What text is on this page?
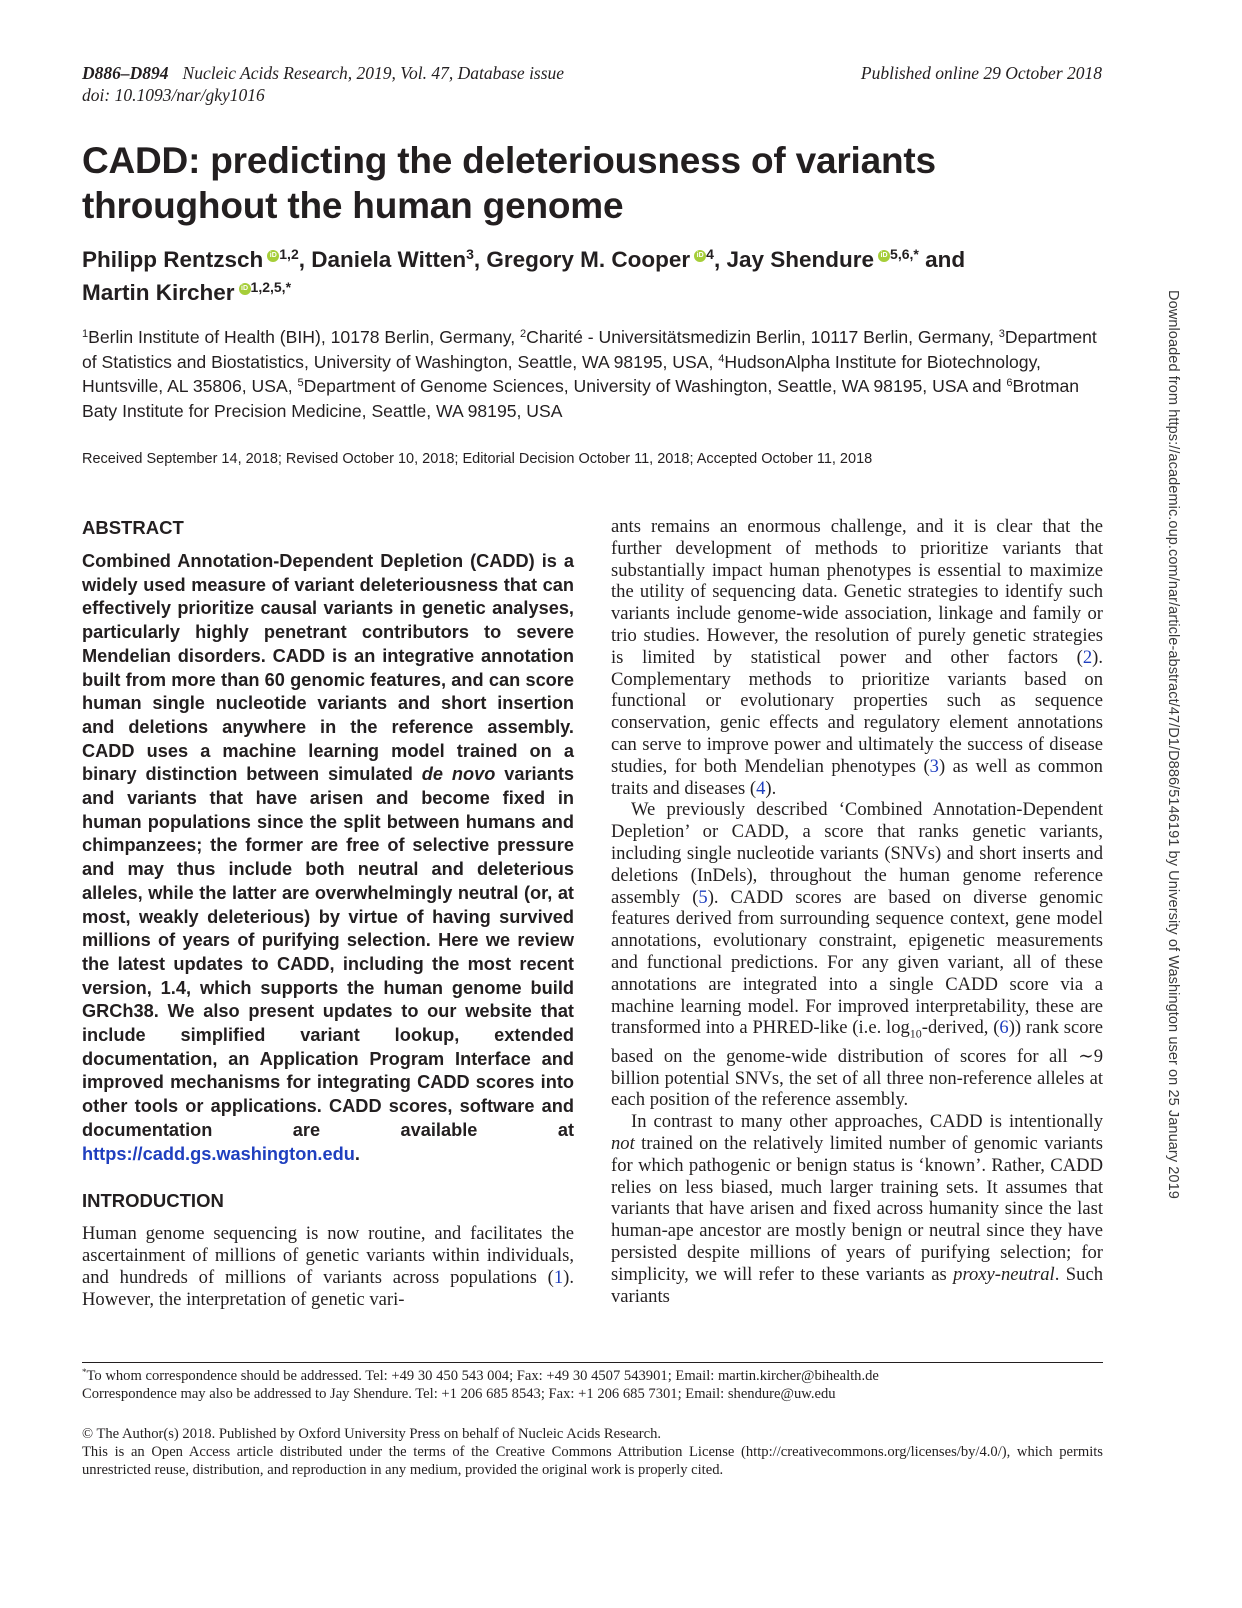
D886–D894 Nucleic Acids Research, 2019, Vol. 47, Database issue
doi: 10.1093/nar/gky1016
Published online 29 October 2018
CADD: predicting the deleteriousness of variants throughout the human genome
Philipp Rentzsch iD $^{1,2}$, Daniela Witten$^3$, Gregory M. Cooper iD $^4$, Jay Shendure iD $^{5,6,*}$ and
Martin Kircher iD $^{1,2,5,*}$
$^1$Berlin Institute of Health (BIH), 10178 Berlin, Germany, $^2$Charité - Universitätsmedizin Berlin, 10117 Berlin, Germany, $^3$Department of Statistics and Biostatistics, University of Washington, Seattle, WA 98195, USA, $^4$HudsonAlpha Institute for Biotechnology, Huntsville, AL 35806, USA, $^5$Department of Genome Sciences, University of Washington, Seattle, WA 98195, USA and $^6$Brotman Baty Institute for Precision Medicine, Seattle, WA 98195, USA
Received September 14, 2018; Revised October 10, 2018; Editorial Decision October 11, 2018; Accepted October 11, 2018
ABSTRACT

Combined Annotation-Dependent Depletion (CADD) is a widely used measure of variant deleteriousness that can effectively prioritize causal variants in genetic analyses, particularly highly penetrant contributors to severe Mendelian disorders. CADD is an integrative annotation built from more than 60 genomic features, and can score human single nucleotide variants and short insertion and deletions anywhere in the reference assembly. CADD uses a machine learning model trained on a binary distinction between simulated de novo variants and variants that have arisen and become fixed in human populations since the split between humans and chimpanzees; the former are free of selective pressure and may thus include both neutral and deleterious alleles, while the latter are overwhelmingly neutral (or, at most, weakly deleterious) by virtue of having survived millions of years of purifying selection. Here we review the latest updates to CADD, including the most recent version, 1.4, which supports the human genome build GRCh38. We also present updates to our website that include simplified variant lookup, extended documentation, an Application Program Interface and improved mechanisms for integrating CADD scores into other tools or applications. CADD scores, software and documentation are available at https://cadd.gs.washington.edu.

INTRODUCTION

Human genome sequencing is now routine, and facilitates the ascertainment of millions of genetic variants within individuals, and hundreds of millions of variants across populations (1). However, the interpretation of genetic vari-

ants remains an enormous challenge, and it is clear that the further development of methods to prioritize variants that substantially impact human phenotypes is essential to maximize the utility of sequencing data. Genetic strategies to identify such variants include genome-wide association, linkage and family or trio studies. However, the resolution of purely genetic strategies is limited by statistical power and other factors (2). Complementary methods to prioritize variants based on functional or evolutionary properties such as sequence conservation, genic effects and regulatory element annotations can serve to improve power and ultimately the success of disease studies, for both Mendelian phenotypes (3) as well as common traits and diseases (4).

We previously described ‘Combined Annotation-Dependent Depletion’ or CADD, a score that ranks genetic variants, including single nucleotide variants (SNVs) and short inserts and deletions (InDels), throughout the human genome reference assembly (5). CADD scores are based on diverse genomic features derived from surrounding sequence context, gene model annotations, evolutionary constraint, epigenetic measurements and functional predictions. For any given variant, all of these annotations are integrated into a single CADD score via a machine learning model. For improved interpretability, these are transformed into a PHRED-like (i.e. $\log_{10}$-derived, (6)) rank score based on the genome-wide distribution of scores for all ∼9 billion potential SNVs, the set of all three non-reference alleles at each position of the reference assembly.

In contrast to many other approaches, CADD is intentionally not trained on the relatively limited number of genomic variants for which pathogenic or benign status is ‘known’. Rather, CADD relies on less biased, much larger training sets. It assumes that variants that have arisen and fixed across humanity since the last human-ape ancestor are mostly benign or neutral since they have persisted despite millions of years of purifying selection; for simplicity, we will refer to these variants as proxy-neutral. Such variants

*To whom correspondence should be addressed. Tel: +49 30 450 543 004; Fax: +49 30 4507 543901; Email: martin.kircher@bihealth.de
Correspondence may also be addressed to Jay Shendure. Tel: +1 206 685 8543; Fax: +1 206 685 7301; Email: shendure@uw.edu
© The Author(s) 2018. Published by Oxford University Press on behalf of Nucleic Acids Research.
This is an Open Access article distributed under the terms of the Creative Commons Attribution License (http://creativecommons.org/licenses/by/4.0/), which permits unrestricted reuse, distribution, and reproduction in any medium, provided the original work is properly cited.
Downloaded from https://academic.oup.com/nar/article-abstract/47/D1/D886/5146191 by University of Washington user on 25 January 2019
